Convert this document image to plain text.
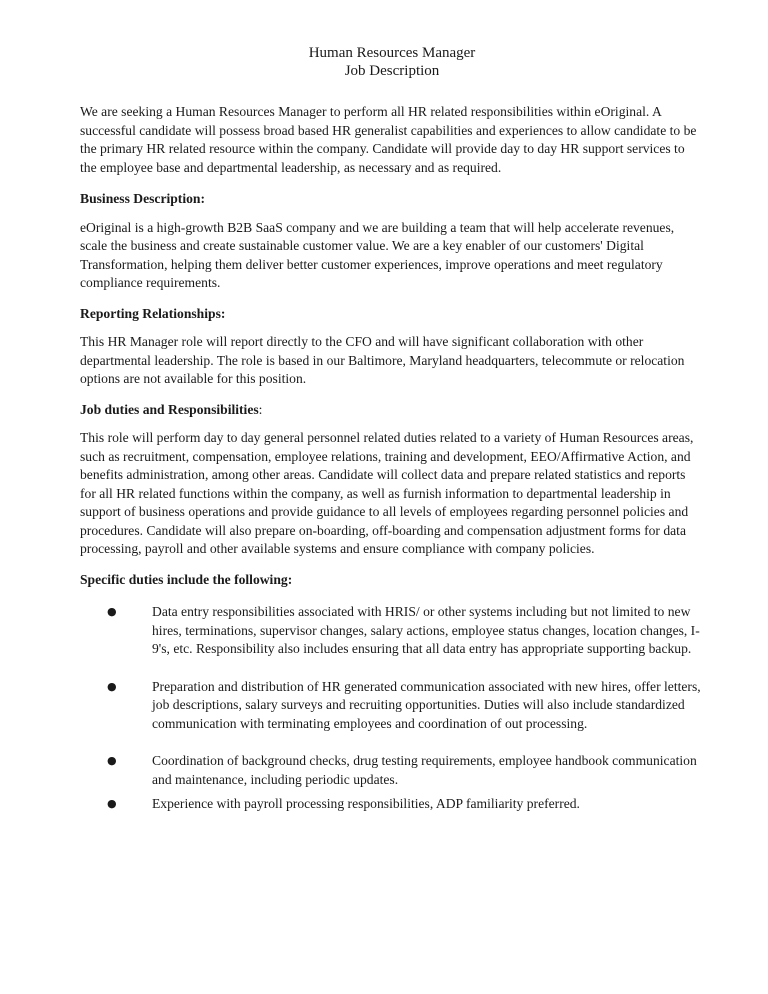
Human Resources Manager
Job Description

We are seeking a Human Resources Manager to perform all HR related responsibilities within eOriginal. A successful candidate will possess broad based HR generalist capabilities and experiences to allow candidate to be the primary HR related resource within the company. Candidate will provide day to day HR support services to the employee base and departmental leadership, as necessary and as required.

Business Description:

eOriginal is a high-growth B2B SaaS company and we are building a team that will help accelerate revenues, scale the business and create sustainable customer value. We are a key enabler of our customers' Digital Transformation, helping them deliver better customer experiences, improve operations and meet regulatory compliance requirements.

Reporting Relationships:

This HR Manager role will report directly to the CFO and will have significant collaboration with other departmental leadership. The role is based in our Baltimore, Maryland headquarters, telecommute or relocation options are not available for this position.

Job duties and Responsibilities:

This role will perform day to day general personnel related duties related to a variety of Human Resources areas, such as recruitment, compensation, employee relations, training and development, EEO/Affirmative Action, and benefits administration, among other areas. Candidate will collect data and prepare related statistics and reports for all HR related functions within the company, as well as furnish information to departmental leadership in support of business operations and provide guidance to all levels of employees regarding personnel policies and procedures. Candidate will also prepare on-boarding, off-boarding and compensation adjustment forms for data processing, payroll and other available systems and ensure compliance with company policies.

Specific duties include the following:

●	Data entry responsibilities associated with HRIS/ or other systems including but not limited to new hires, terminations, supervisor changes, salary actions, employee status changes, location changes, I-9's, etc. Responsibility also includes ensuring that all data entry has appropriate supporting backup.
●	Preparation and distribution of HR generated communication associated with new hires, offer letters, job descriptions, salary surveys and recruiting opportunities. Duties will also include standardized communication with terminating employees and coordination of out processing.
●	Coordination of background checks, drug testing requirements, employee handbook communication and maintenance, including periodic updates.
●	Experience with payroll processing responsibilities, ADP familiarity preferred.
